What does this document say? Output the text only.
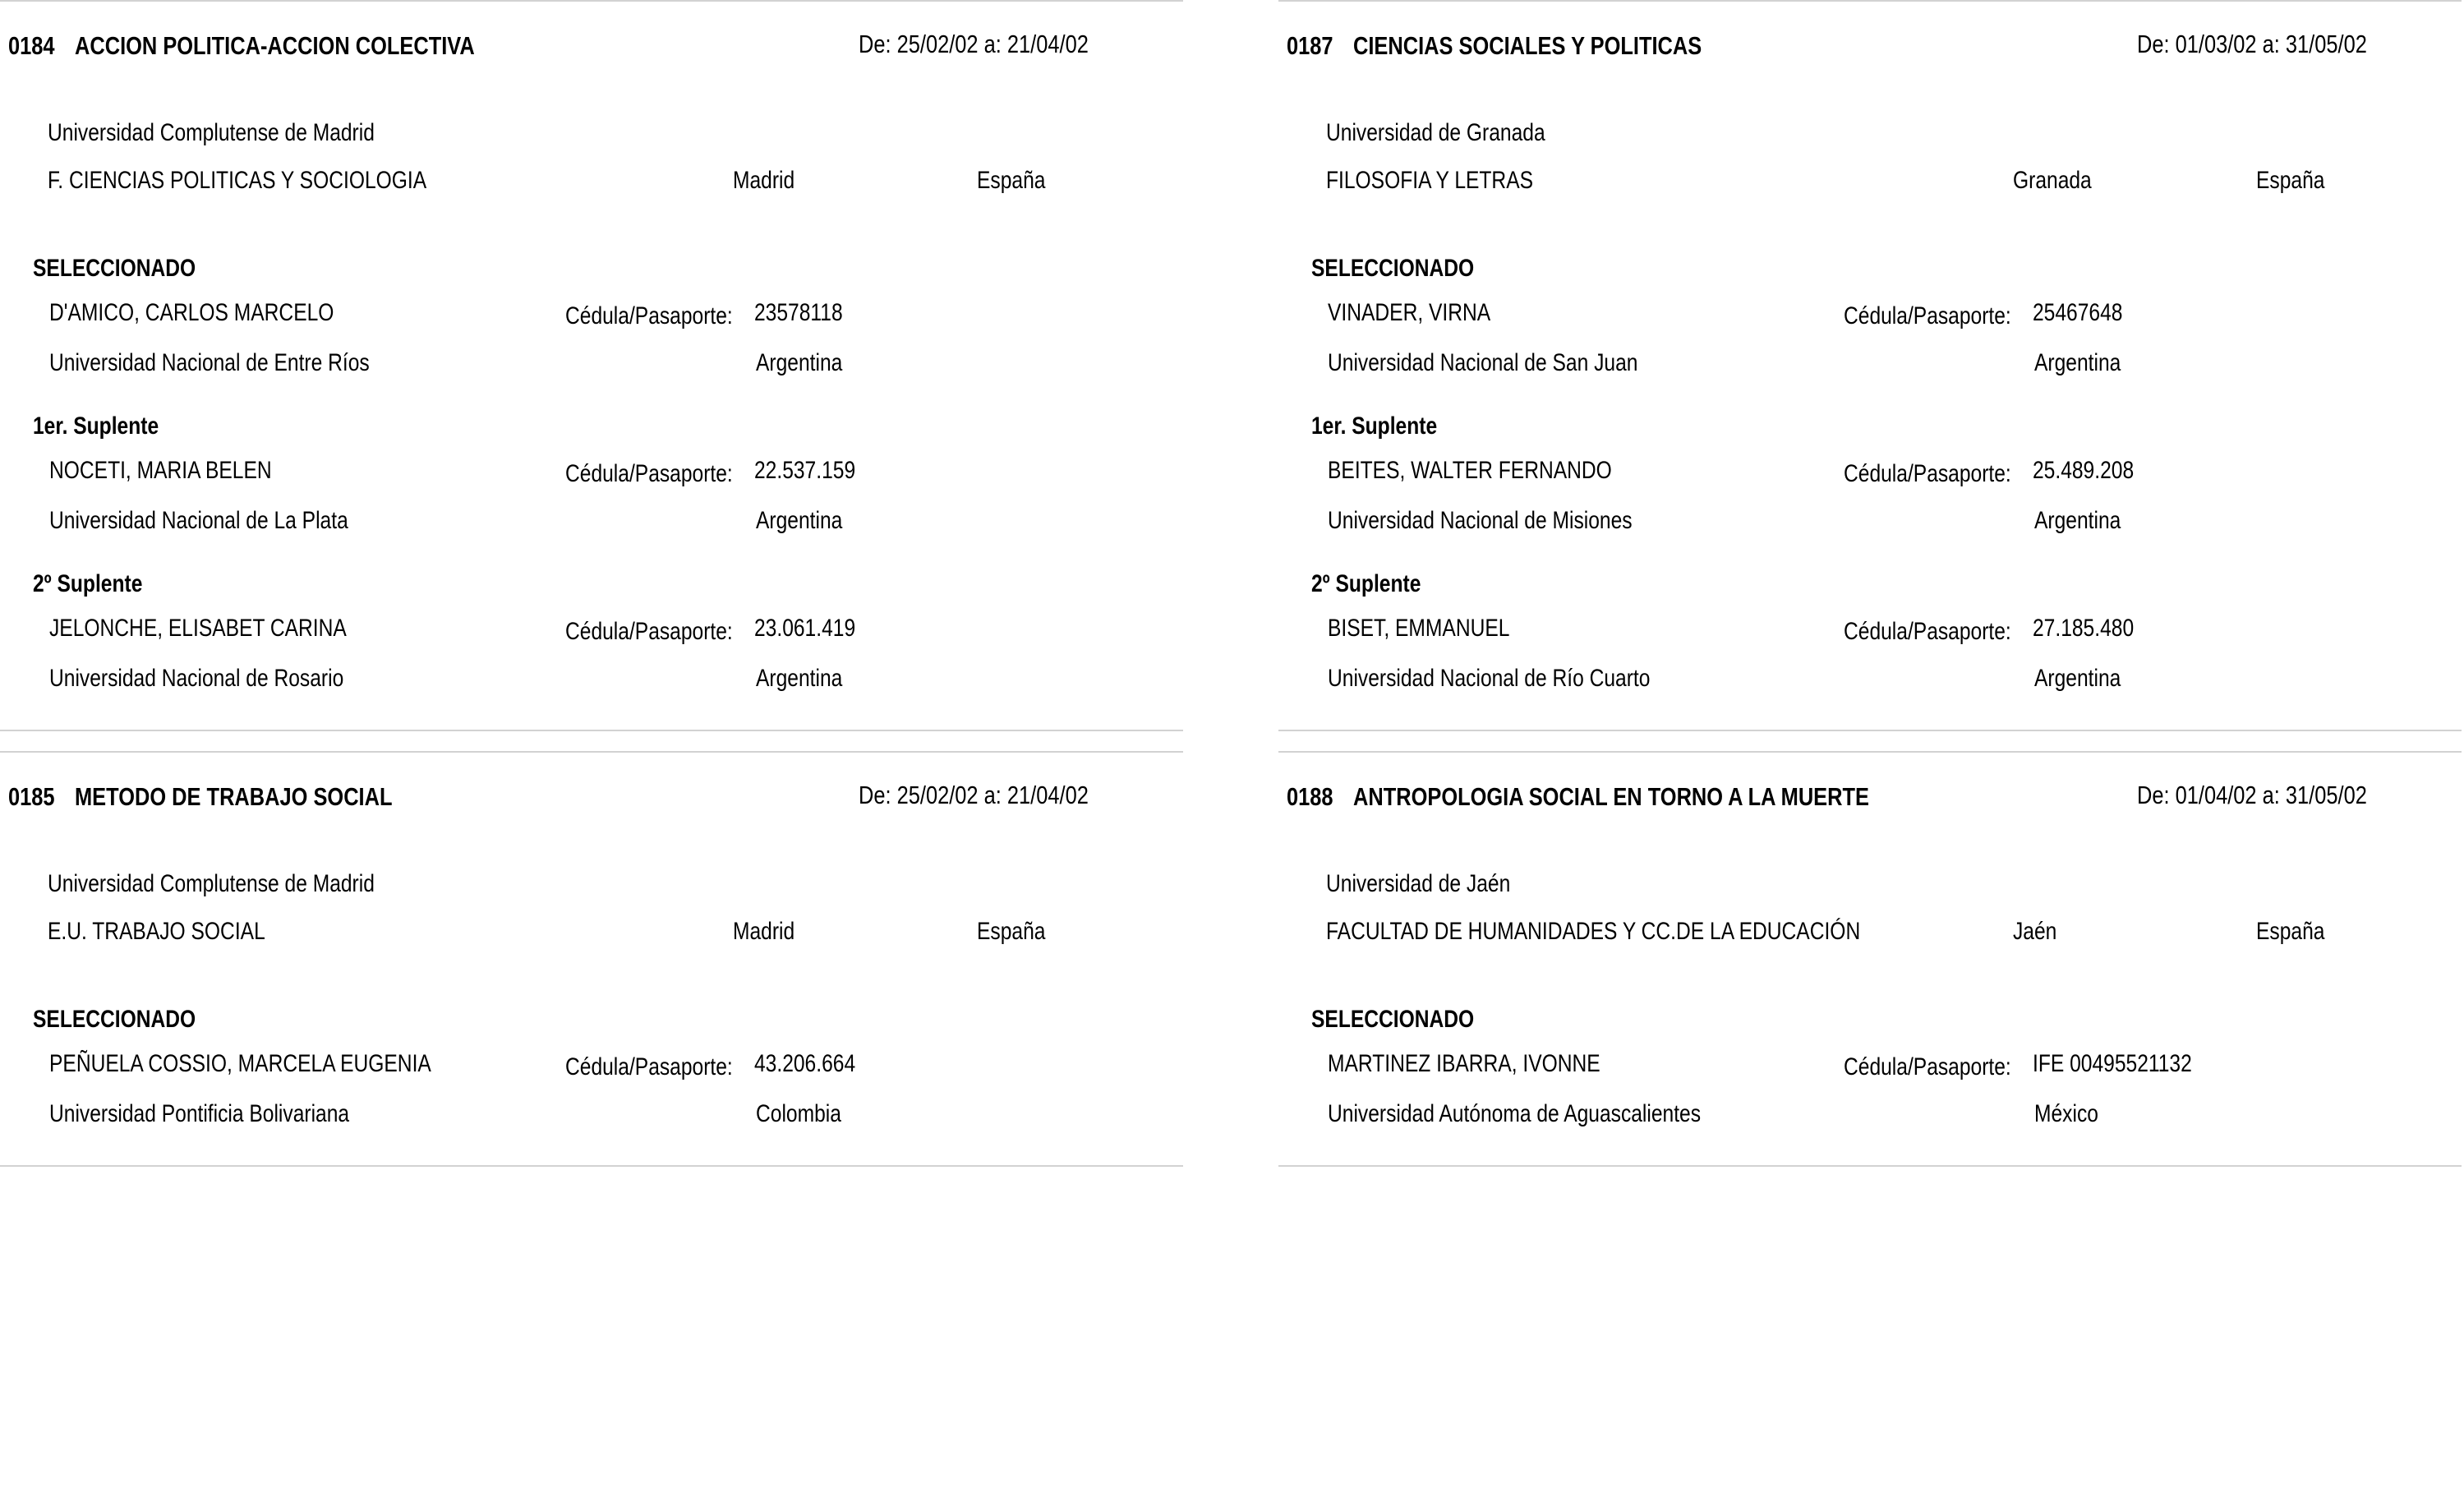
0184 ACCION POLITICA-ACCION COLECTIVA	De: 25/02/02 a: 21/04/02
Universidad Complutense de Madrid
F. CIENCIAS POLITICAS Y SOCIOLOGIA	Madrid	España
SELECCIONADO
D'AMICO, CARLOS MARCELO	Cédula/Pasaporte: 23578118
Universidad Nacional de Entre Ríos	Argentina
1er. Suplente
NOCETI, MARIA BELEN	Cédula/Pasaporte: 22.537.159
Universidad Nacional de La Plata	Argentina
2º Suplente
JELONCHE, ELISABET CARINA	Cédula/Pasaporte: 23.061.419
Universidad Nacional de Rosario	Argentina
0187 CIENCIAS SOCIALES Y POLITICAS	De: 01/03/02 a: 31/05/02
Universidad de Granada
FILOSOFIA Y LETRAS	Granada	España
SELECCIONADO
VINADER, VIRNA	Cédula/Pasaporte: 25467648
Universidad Nacional de San Juan	Argentina
1er. Suplente
BEITES, WALTER FERNANDO	Cédula/Pasaporte: 25.489.208
Universidad Nacional de Misiones	Argentina
2º Suplente
BISET, EMMANUEL	Cédula/Pasaporte: 27.185.480
Universidad Nacional de Río Cuarto	Argentina
0185 METODO DE TRABAJO SOCIAL	De: 25/02/02 a: 21/04/02
Universidad Complutense de Madrid
E.U. TRABAJO SOCIAL	Madrid	España
SELECCIONADO
PEÑUELA COSSIO, MARCELA EUGENIA	Cédula/Pasaporte: 43.206.664
Universidad Pontificia Bolivariana	Colombia
0188 ANTROPOLOGIA SOCIAL EN TORNO A LA MUERTE	De: 01/04/02 a: 31/05/02
Universidad de Jaén
FACULTAD DE HUMANIDADES Y CC.DE LA EDUCACIÓN	Jaén	España
SELECCIONADO
MARTINEZ IBARRA, IVONNE	Cédula/Pasaporte: IFE 00495521132
Universidad Autónoma de Aguascalientes	México
